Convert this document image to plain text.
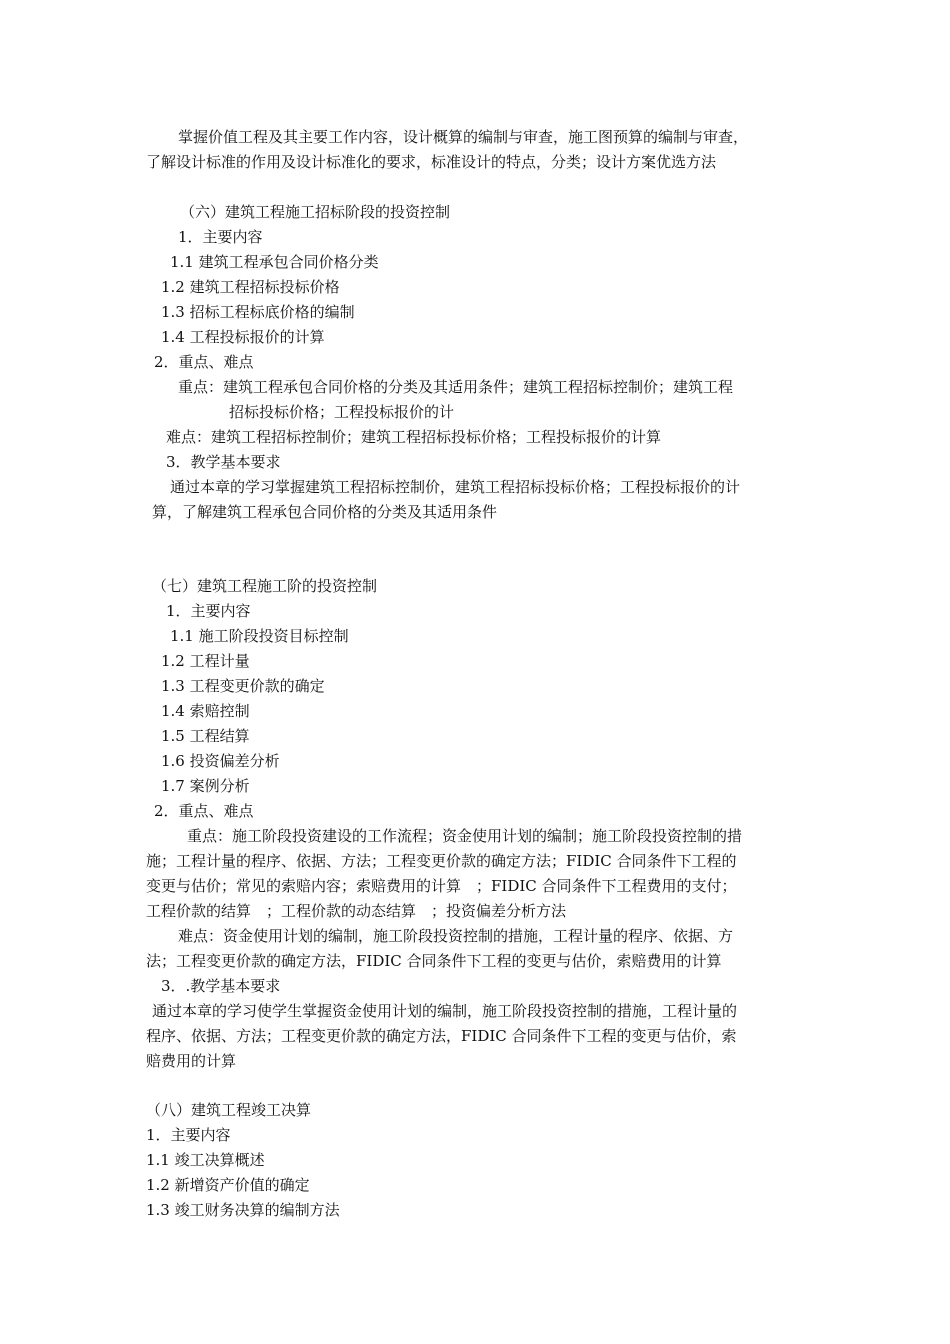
掌握价值工程及其主要工作内容，设计概算的编制与审查，施工图预算的编制与审查，
了解设计标准的作用及设计标准化的要求，标准设计的特点，分类；设计方案优选方法
（六）建筑工程施工招标阶段的投资控制
1．主要内容
1.1 建筑工程承包合同价格分类
1.2 建筑工程招标投标价格
1.3 招标工程标底价格的编制
1.4 工程投标报价的计算
2．重点、难点
重点：建筑工程承包合同价格的分类及其适用条件；建筑工程招标控制价；建筑工程
招标投标价格；工程投标报价的计
难点：建筑工程招标控制价；建筑工程招标投标价格；工程投标报价的计算
3．教学基本要求
通过本章的学习掌握建筑工程招标控制价，建筑工程招标投标价格；工程投标报价的计
算，了解建筑工程承包合同价格的分类及其适用条件
（七）建筑工程施工阶的投资控制
1．主要内容
1.1 施工阶段投资目标控制
1.2 工程计量
1.3 工程变更价款的确定
1.4 索赔控制
1.5 工程结算
1.6 投资偏差分析
1.7 案例分析
2．重点、难点
重点：施工阶段投资建设的工作流程；资金使用计划的编制；施工阶段投资控制的措
施；工程计量的程序、依据、方法；工程变更价款的确定方法；FIDIC 合同条件下工程的
变更与估价；常见的索赔内容；索赔费用的计算　；FIDIC 合同条件下工程费用的支付；
工程价款的结算　；工程价款的动态结算　；投资偏差分析方法
难点：资金使用计划的编制，施工阶段投资控制的措施，工程计量的程序、依据、方
法；工程变更价款的确定方法，FIDIC 合同条件下工程的变更与估价，索赔费用的计算
3．.教学基本要求
通过本章的学习使学生掌握资金使用计划的编制，施工阶段投资控制的措施，工程计量的
程序、依据、方法；工程变更价款的确定方法，FIDIC 合同条件下工程的变更与估价，索
赔费用的计算
（八）建筑工程竣工决算
1．主要内容
1.1 竣工决算概述
1.2 新增资产价值的确定
1.3 竣工财务决算的编制方法
